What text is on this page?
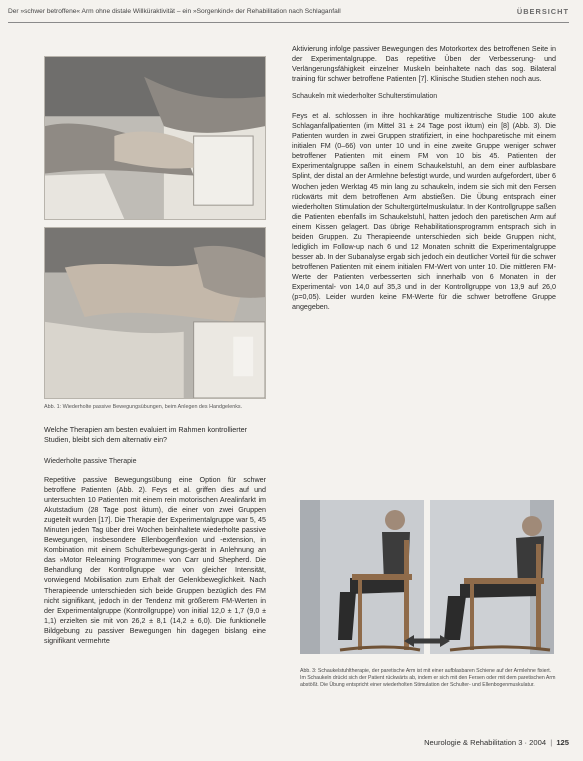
Der »schwer betroffene« Arm ohne distale Willküraktivität – ein »Sorgenkind« der Rehabilitation nach Schlaganfall	ÜBERSICHT
Abb. 1: Wiederholte passive Bewegungsübungen, beim Anlegen des Handgelenks.
Welche Therapien am besten evaluiert im Rahmen kontrollierter Studien, bleibt sich dem alternativ ein?
Wiederholte passive Therapie
Repetitive passive Bewegungsübung eine Option für schwer betroffene Patienten (Abb. 2). Feys et al. griffen dies auf und untersuchten 10 Patienten mit einem rein motorischen Arealinfarkt im Akutstadium (28 Tage post iktum), die einer von zwei Gruppen zugeteilt wurden [17]. Die Therapie der Experimentalgruppe war 5, 45 Minuten jeden Tag über drei Wochen beinhaltete wiederholte passive Bewegungen, insbesondere Ellenbogenflexion und -extension, in Kombination mit einem Schulterbewegungs-gerät in Anlehnung an das »Motor Relearning Programme« von Carr und Shepherd. Die Behandlung der Kontrollgruppe war von gleicher Intensität, vorwiegend Mobilisation zum Erhalt der Gelenkbeweglichkeit. Nach Therapieende unterschieden sich beide Gruppen bezüglich des FM nicht signifikant, jedoch in der Tendenz mit größerem FM-Werten in der Experimentalgruppe (Kontrollgruppe) von initial 12,0 ± 1,7 (9,0 ± 1,1) erzielten sie mit von 26,2 ± 8,1 (14,2 ± 6,0). Die funktionelle Bildgebung zu passiver Bewegungen hin dagegen bislang eine signifikant vermehrte
Aktivierung infolge passiver Bewegungen des Motorkortex des betroffenen Seite in der Experimentalgruppe. Das repetitive Üben der Verbesserung- und Verlängerungsfähigkeit einzelner Muskeln beinhaltete nach das sog. Bilateral training für schwer betroffene Patienten [7]. Klinische Studien stehen noch aus.
Schaukeln mit wiederholter Schulterstimulation
Feys et al. schlossen in ihre hochkarätige multizentrische Studie 100 akute Schlaganfallpatienten (im Mittel 31 ± 24 Tage post iktum) ein [8] (Abb. 3). Die Patienten wurden in zwei Gruppen stratifiziert, in eine hochparetische mit einem initialen FM (0–66) von unter 10 und in eine zweite Gruppe weniger schwer betroffener Patienten mit einem FM von 10 bis 45. Patienten der Experimentalgruppe saßen in einem Schaukelstuhl, an dem einer aufblasbare Splint, der distal an der Armlehne befestigt wurde, und wurden aufgefordert, über 6 Wochen jeden Werktag 45 min lang zu schaukeln, indem sie sich mit den Fersen rückwärts mit dem betroffenen Arm abstießen. Die Übung entsprach einer wiederholten Stimulation der Schultergürtelmuskulatur. In der Kontrollgruppe saßen die Patienten ebenfalls im Schaukelstuhl, hatten jedoch den paretischen Arm auf einem Kissen gelagert. Das übrige Rehabilitationsprogramm entsprach sich in beiden Gruppen. Zu Therapieende unterschieden sich beide Gruppen nicht, lediglich im Follow-up nach 6 und 12 Monaten schnitt die Experimentalgruppe besser ab. In der Subanalyse ergab sich jedoch ein deutlicher Vorteil für die schwer betroffenen Patienten mit einem initialen FM-Wert von unter 10. Die mittleren FM-Werte der Patienten verbesserten sich innerhalb von 6 Monaten in der Experimental- von 14,0 auf 35,3 und in der Kontrollgruppe von 13,9 auf 26,0 (p=0,05). Leider wurden keine FM-Werte für die schwer betroffene Gruppe angegeben.
Abb. 3: Schaukelstuhltherapie, der paretische Arm ist mit einer aufblasbaren Schiene auf der Armlehne fixiert. Im Schaukeln drückt sich der Patient rückwärts ab, indem er sich mit den Fersen oder mit dem paretischen Arm abstößt. Die Übung entspricht einer wiederholten Stimulation der Schulter- und Ellenbogenmuskulatur.
Neurologie & Rehabilitation 3 · 2004 | 125
